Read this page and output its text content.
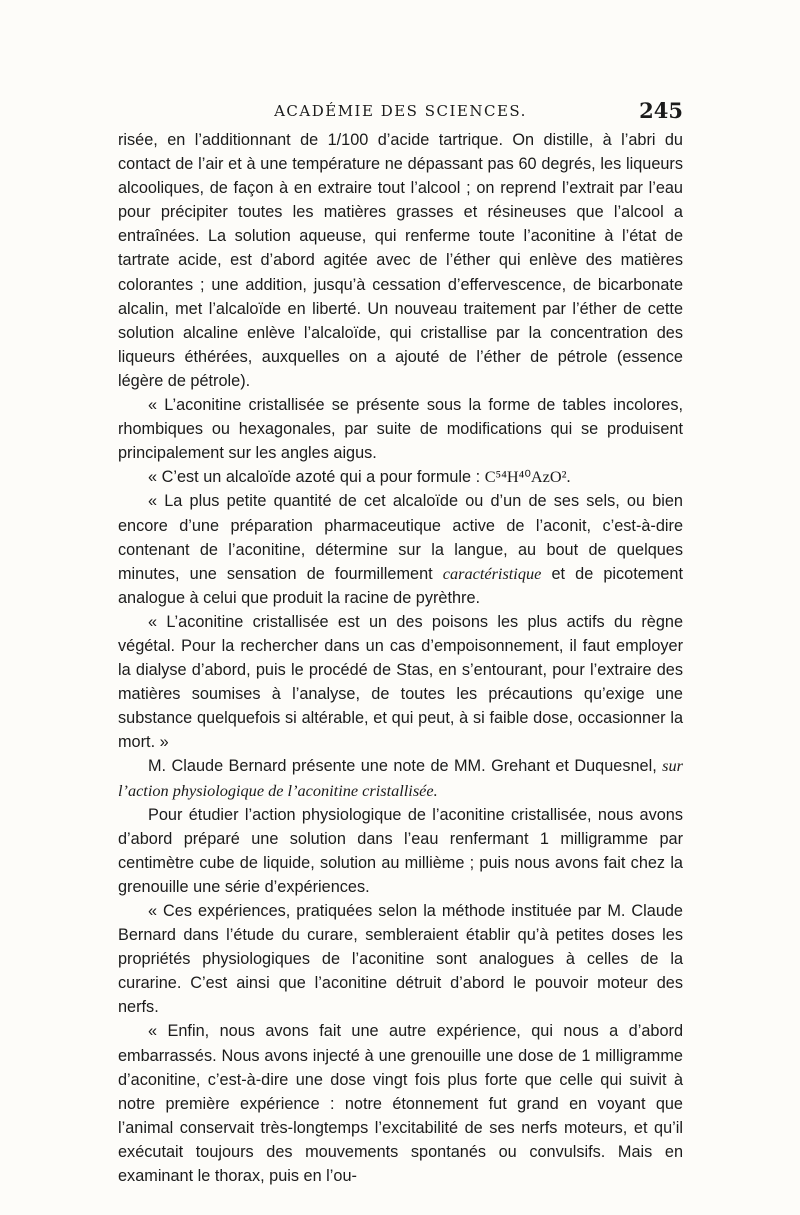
ACADÉMIE DES SCIENCES.	245

risée, en l’additionnant de 1/100 d’acide tartrique. On distille, à l’abri du contact de l’air et à une température ne dépassant pas 60 degrés, les liqueurs alcooliques, de façon à en extraire tout l’alcool ; on reprend l’extrait par l’eau pour précipiter toutes les matières grasses et résineuses que l’alcool a entraînées. La solution aqueuse, qui renferme toute l’aconitine à l’état de tartrate acide, est d’abord agitée avec de l’éther qui enlève des matières colorantes ; une addition, jusqu’à cessation d’effervescence, de bicarbonate alcalin, met l’alcaloïde en liberté. Un nouveau traitement par l’éther de cette solution alcaline enlève l’alcaloïde, qui cristallise par la concentration des liqueurs éthérées, auxquelles on a ajouté de l’éther de pétrole (essence légère de pétrole).

« L’aconitine cristallisée se présente sous la forme de tables incolores, rhombiques ou hexagonales, par suite de modifications qui se produisent principalement sur les angles aigus.

« C’est un alcaloïde azoté qui a pour formule : C⁵⁴H⁴⁰AzO².

« La plus petite quantité de cet alcaloïde ou d’un de ses sels, ou bien encore d’une préparation pharmaceutique active de l’aconit, c’est-à-dire contenant de l’aconitine, détermine sur la langue, au bout de quelques minutes, une sensation de fourmillement caractéristique et de picotement analogue à celui que produit la racine de pyrèthre.

« L’aconitine cristallisée est un des poisons les plus actifs du règne végétal. Pour la rechercher dans un cas d’empoisonnement, il faut employer la dialyse d’abord, puis le procédé de Stas, en s’entourant, pour l’extraire des matières soumises à l’analyse, de toutes les précautions qu’exige une substance quelquefois si altérable, et qui peut, à si faible dose, occasionner la mort. »

M. Claude Bernard présente une note de MM. Grehant et Duquesnel, sur l’action physiologique de l’aconitine cristallisée.

Pour étudier l’action physiologique de l’aconitine cristallisée, nous avons d’abord préparé une solution dans l’eau renfermant 1 milligramme par centimètre cube de liquide, solution au millième ; puis nous avons fait chez la grenouille une série d’expériences.

« Ces expériences, pratiquées selon la méthode instituée par M. Claude Bernard dans l’étude du curare, sembleraient établir qu’à petites doses les propriétés physiologiques de l’aconitine sont analogues à celles de la curarine. C’est ainsi que l’aconitine détruit d’abord le pouvoir moteur des nerfs.

« Enfin, nous avons fait une autre expérience, qui nous a d’abord embarrassés. Nous avons injecté à une grenouille une dose de 1 milligramme d’aconitine, c’est-à-dire une dose vingt fois plus forte que celle qui suivit à notre première expérience : notre étonnement fut grand en voyant que l’animal conservait très-longtemps l’excitabilité de ses nerfs moteurs, et qu’il exécutait toujours des mouvements spontanés ou convulsifs. Mais en examinant le thorax, puis en l’ou-
